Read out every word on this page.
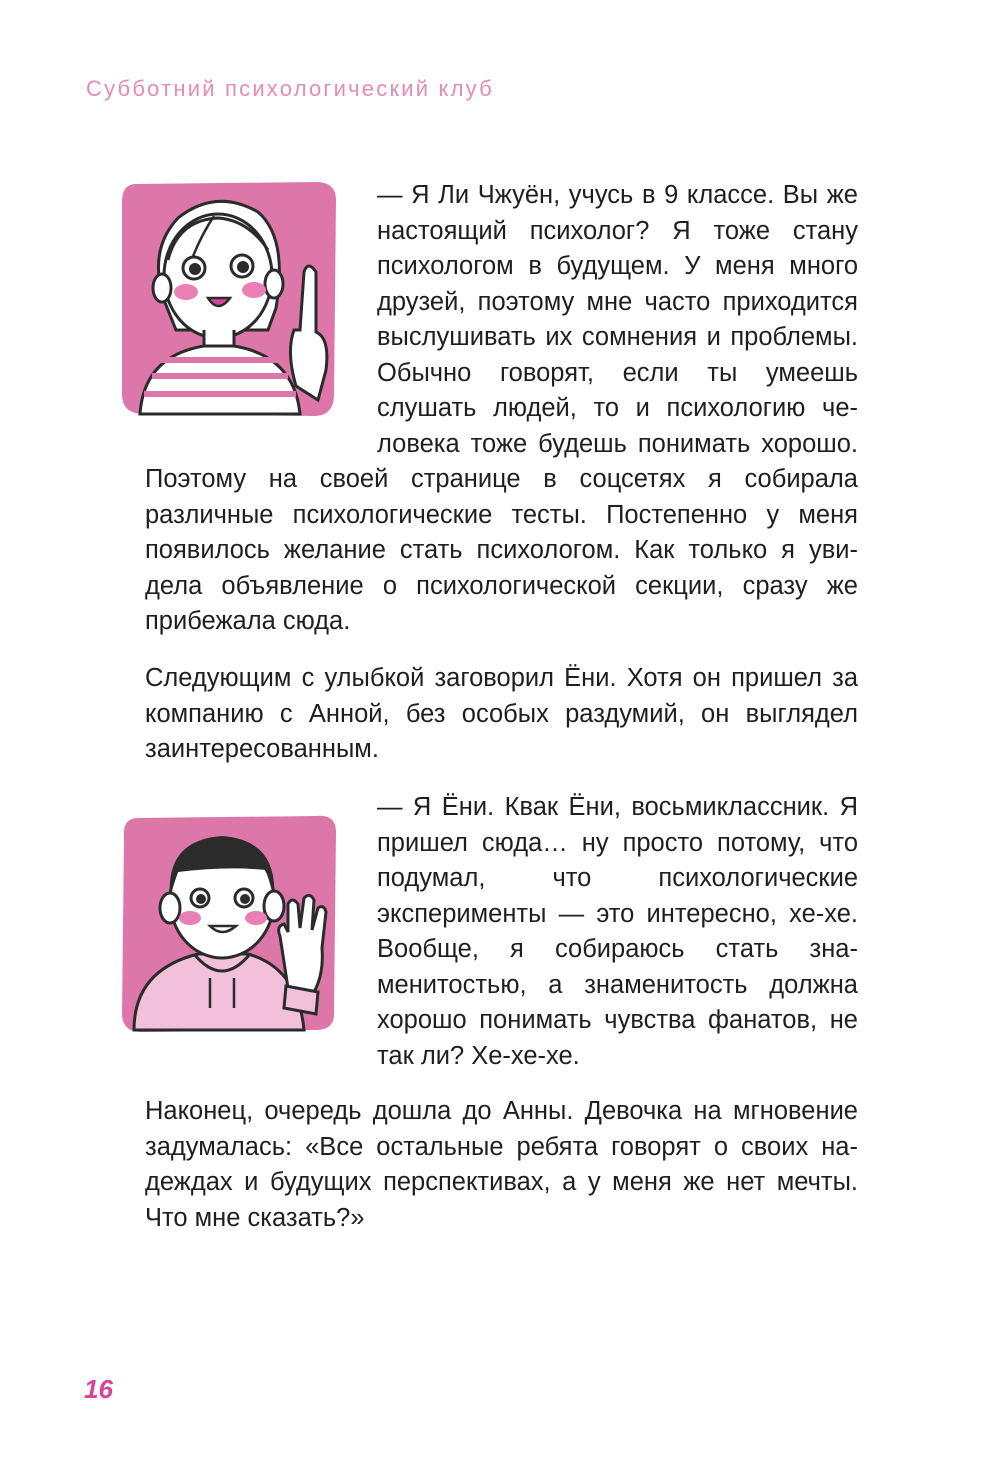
Субботний психологический клуб
— Я Ли Чжуён, учусь в 9 классе. Вы же настоящий психолог? Я тоже стану психологом в будущем. У меня много друзей, поэтому мне часто приходится выслушивать их сомнения и проблемы. Обычно говорят, если ты умеешь слушать людей, то и психологию человека тоже будешь понимать хорошо. Поэтому на своей странице в соцсетях я собирала различные психологические тесты. Постепенно у меня появилось желание стать психологом. Как только я увидела объявление о психологической секции, сразу же прибежала сюда.

Следующим с улыбкой заговорил Ёни. Хотя он пришел за компанию с Анной, без особых раздумий, он выглядел заинтересованным.

— Я Ёни. Квак Ёни, восьмиклассник. Я пришел сюда… ну просто потому, что подумал, что психологические эксперименты — это интересно, хе-хе. Вообще, я собираюсь стать знаменитостью, а знаменитость должна хорошо понимать чувства фанатов, не так ли? Хе-хе-хе.

Наконец, очередь дошла до Анны. Девочка на мгновение задумалась: «Все остальные ребята говорят о своих надеждах и будущих перспективах, а у меня же нет мечты. Что мне сказать?»

16
